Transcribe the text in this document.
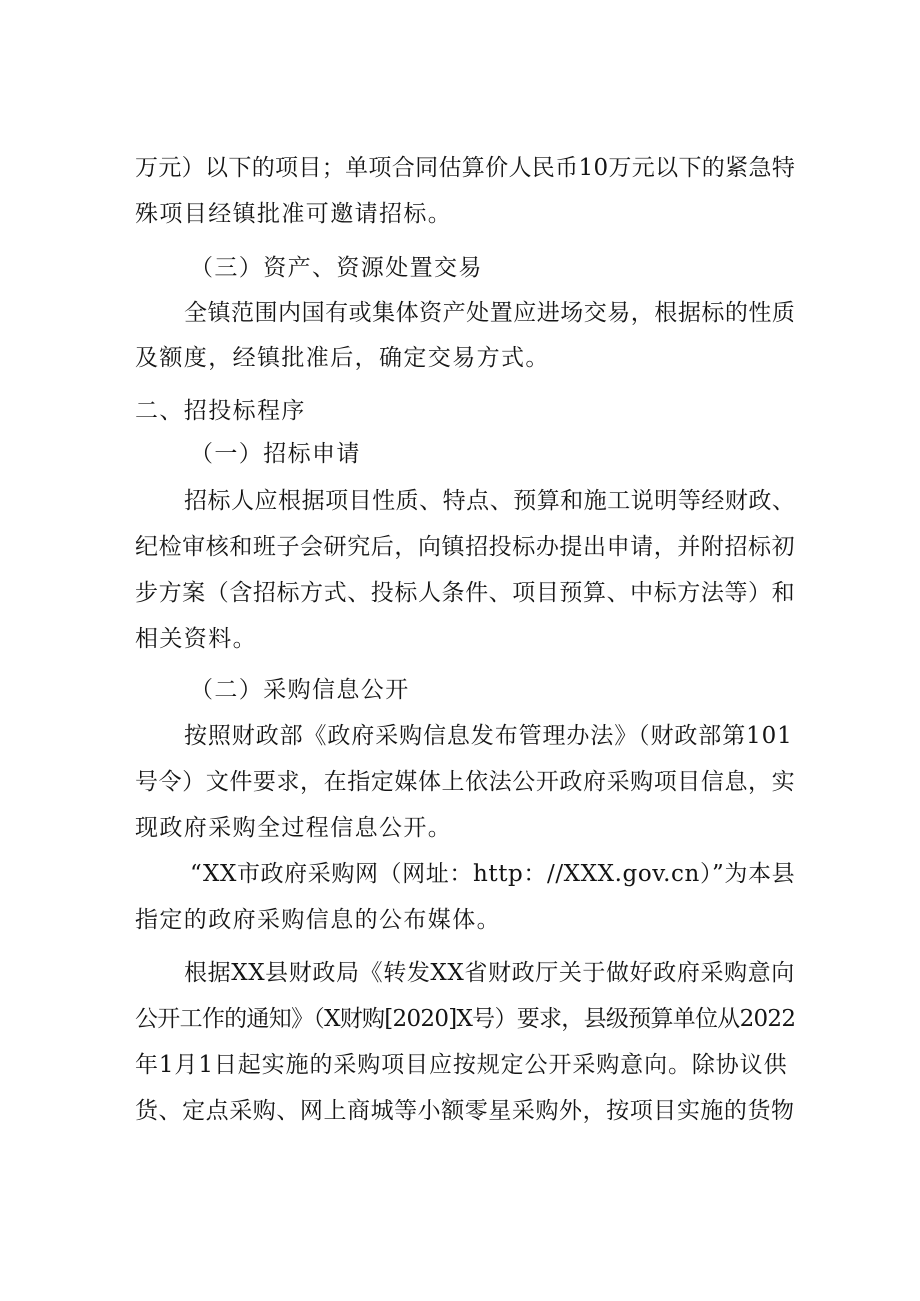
万元）以下的项目；单项合同估算价人民币10万元以下的紧急特

殊项目经镇批准可邀请招标。

（三）资产、资源处置交易

全镇范围内国有或集体资产处置应进场交易，根据标的性质

及额度，经镇批准后，确定交易方式。

二、招投标程序

（一）招标申请

招标人应根据项目性质、特点、预算和施工说明等经财政、

纪检审核和班子会研究后，向镇招投标办提出申请，并附招标初

步方案（含招标方式、投标人条件、项目预算、中标方法等）和

相关资料。

（二）采购信息公开

按照财政部《政府采购信息发布管理办法》（财政部第101

号令）文件要求，在指定媒体上依法公开政府采购项目信息，实

现政府采购全过程信息公开。

“XX市政府采购网（网址：http：//XXX.gov.cn）”为本县

指定的政府采购信息的公布媒体。

根据XX县财政局《转发XX省财政厅关于做好政府采购意向

公开工作的通知》（X财购[2020]X号）要求，县级预算单位从2022

年1月1日起实施的采购项目应按规定公开采购意向。除协议供

货、定点采购、网上商城等小额零星采购外，按项目实施的货物
